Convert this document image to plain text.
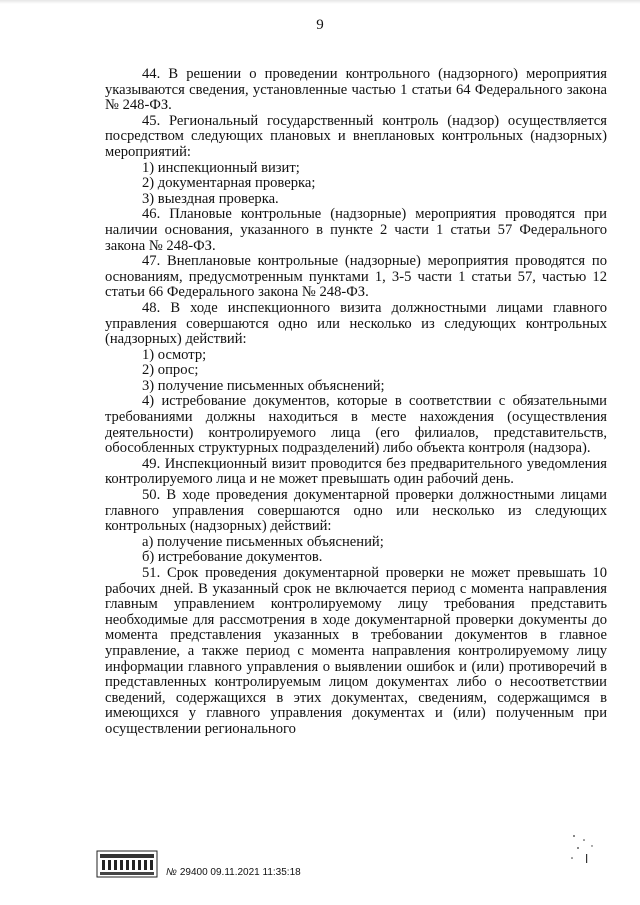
9

44. В решении о проведении контрольного (надзорного) мероприятия указываются сведения, установленные частью 1 статьи 64 Федерального закона № 248-ФЗ.

45. Региональный государственный контроль (надзор) осуществляется посредством следующих плановых и внеплановых контрольных (надзорных) мероприятий:

1) инспекционный визит;

2) документарная проверка;

3) выездная проверка.

46. Плановые контрольные (надзорные) мероприятия проводятся при наличии основания, указанного в пункте 2 части 1 статьи 57 Федерального закона № 248-ФЗ.

47. Внеплановые контрольные (надзорные) мероприятия проводятся по основаниям, предусмотренным пунктами 1, 3-5 части 1 статьи 57, частью 12 статьи 66 Федерального закона № 248-ФЗ.

48. В ходе инспекционного визита должностными лицами главного управления совершаются одно или несколько из следующих контрольных (надзорных) действий:

1) осмотр;

2) опрос;

3) получение письменных объяснений;

4) истребование документов, которые в соответствии с обязательными требованиями должны находиться в месте нахождения (осуществления деятельности) контролируемого лица (его филиалов, представительств, обособленных структурных подразделений) либо объекта контроля (надзора).

49. Инспекционный визит проводится без предварительного уведомления контролируемого лица и не может превышать один рабочий день.

50. В ходе проведения документарной проверки должностными лицами главного управления совершаются одно или несколько из следующих контрольных (надзорных) действий:

а) получение письменных объяснений;

б) истребование документов.

51. Срок проведения документарной проверки не может превышать 10 рабочих дней. В указанный срок не включается период с момента направления главным управлением контролируемому лицу требования представить необходимые для рассмотрения в ходе документарной проверки документы до момента представления указанных в требовании документов в главное управление, а также период с момента направления контролируемому лицу информации главного управления о выявлении ошибок и (или) противоречий в представленных контролируемым лицом документах либо о несоответствии сведений, содержащихся в этих документах, сведениям, содержащимся в имеющихся у главного управления документах и (или) полученным при осуществлении регионального

№ 29400 09.11.2021 11:35:18
